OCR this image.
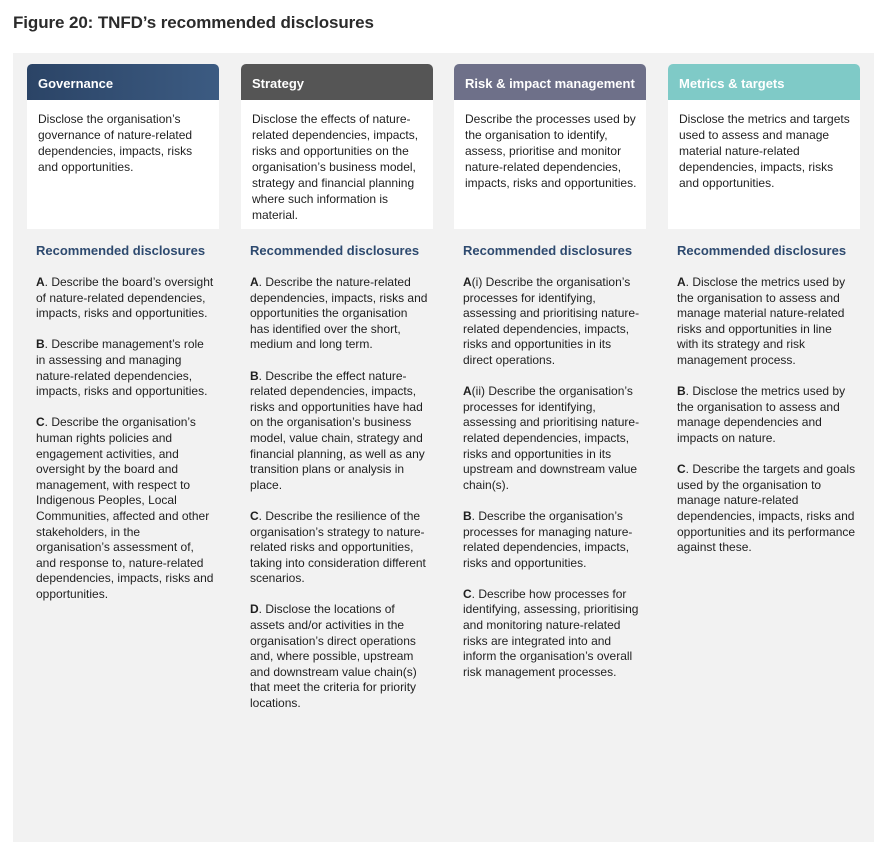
Figure 20: TNFD’s recommended disclosures
Governance
Disclose the organisation’s governance of nature-related dependencies, impacts, risks and opportunities.
Recommended disclosures

A. Describe the board’s oversight of nature-related dependencies, impacts, risks and opportunities.

B. Describe management’s role in assessing and managing nature-related dependencies, impacts, risks and opportunities.

C. Describe the organisation’s human rights policies and engagement activities, and oversight by the board and management, with respect to Indigenous Peoples, Local Communities, affected and other stakeholders, in the organisation’s assessment of, and response to, nature-related dependencies, impacts, risks and opportunities.

Strategy
Disclose the effects of nature-related dependencies, impacts, risks and opportunities on the organisation’s business model, strategy and financial planning where such information is material.
Recommended disclosures

A. Describe the nature-related dependencies, impacts, risks and opportunities the organisation has identified over the short, medium and long term.

B. Describe the effect nature-related dependencies, impacts, risks and opportunities have had on the organisation’s business model, value chain, strategy and financial planning, as well as any transition plans or analysis in place.

C. Describe the resilience of the organisation’s strategy to nature-related risks and opportunities, taking into consideration different scenarios.

D. Disclose the locations of assets and/or activities in the organisation’s direct operations and, where possible, upstream and downstream value chain(s) that meet the criteria for priority locations.

Risk & impact management
Describe the processes used by the organisation to identify, assess, prioritise and monitor nature-related dependencies, impacts, risks and opportunities.
Recommended disclosures

A(i) Describe the organisation’s processes for identifying, assessing and prioritising nature-related dependencies, impacts, risks and opportunities in its direct operations.

A(ii) Describe the organisation’s processes for identifying, assessing and prioritising nature-related dependencies, impacts, risks and opportunities in its upstream and downstream value chain(s).

B. Describe the organisation’s processes for managing nature-related dependencies, impacts, risks and opportunities.

C. Describe how processes for identifying, assessing, prioritising and monitoring nature-related risks are integrated into and inform the organisation’s overall risk management processes.

Metrics & targets
Disclose the metrics and targets used to assess and manage material nature-related dependencies, impacts, risks and opportunities.
Recommended disclosures

A. Disclose the metrics used by the organisation to assess and manage material nature-related risks and opportunities in line with its strategy and risk management process.

B. Disclose the metrics used by the organisation to assess and manage dependencies and impacts on nature.

C. Describe the targets and goals used by the organisation to manage nature-related dependencies, impacts, risks and opportunities and its performance against these.
